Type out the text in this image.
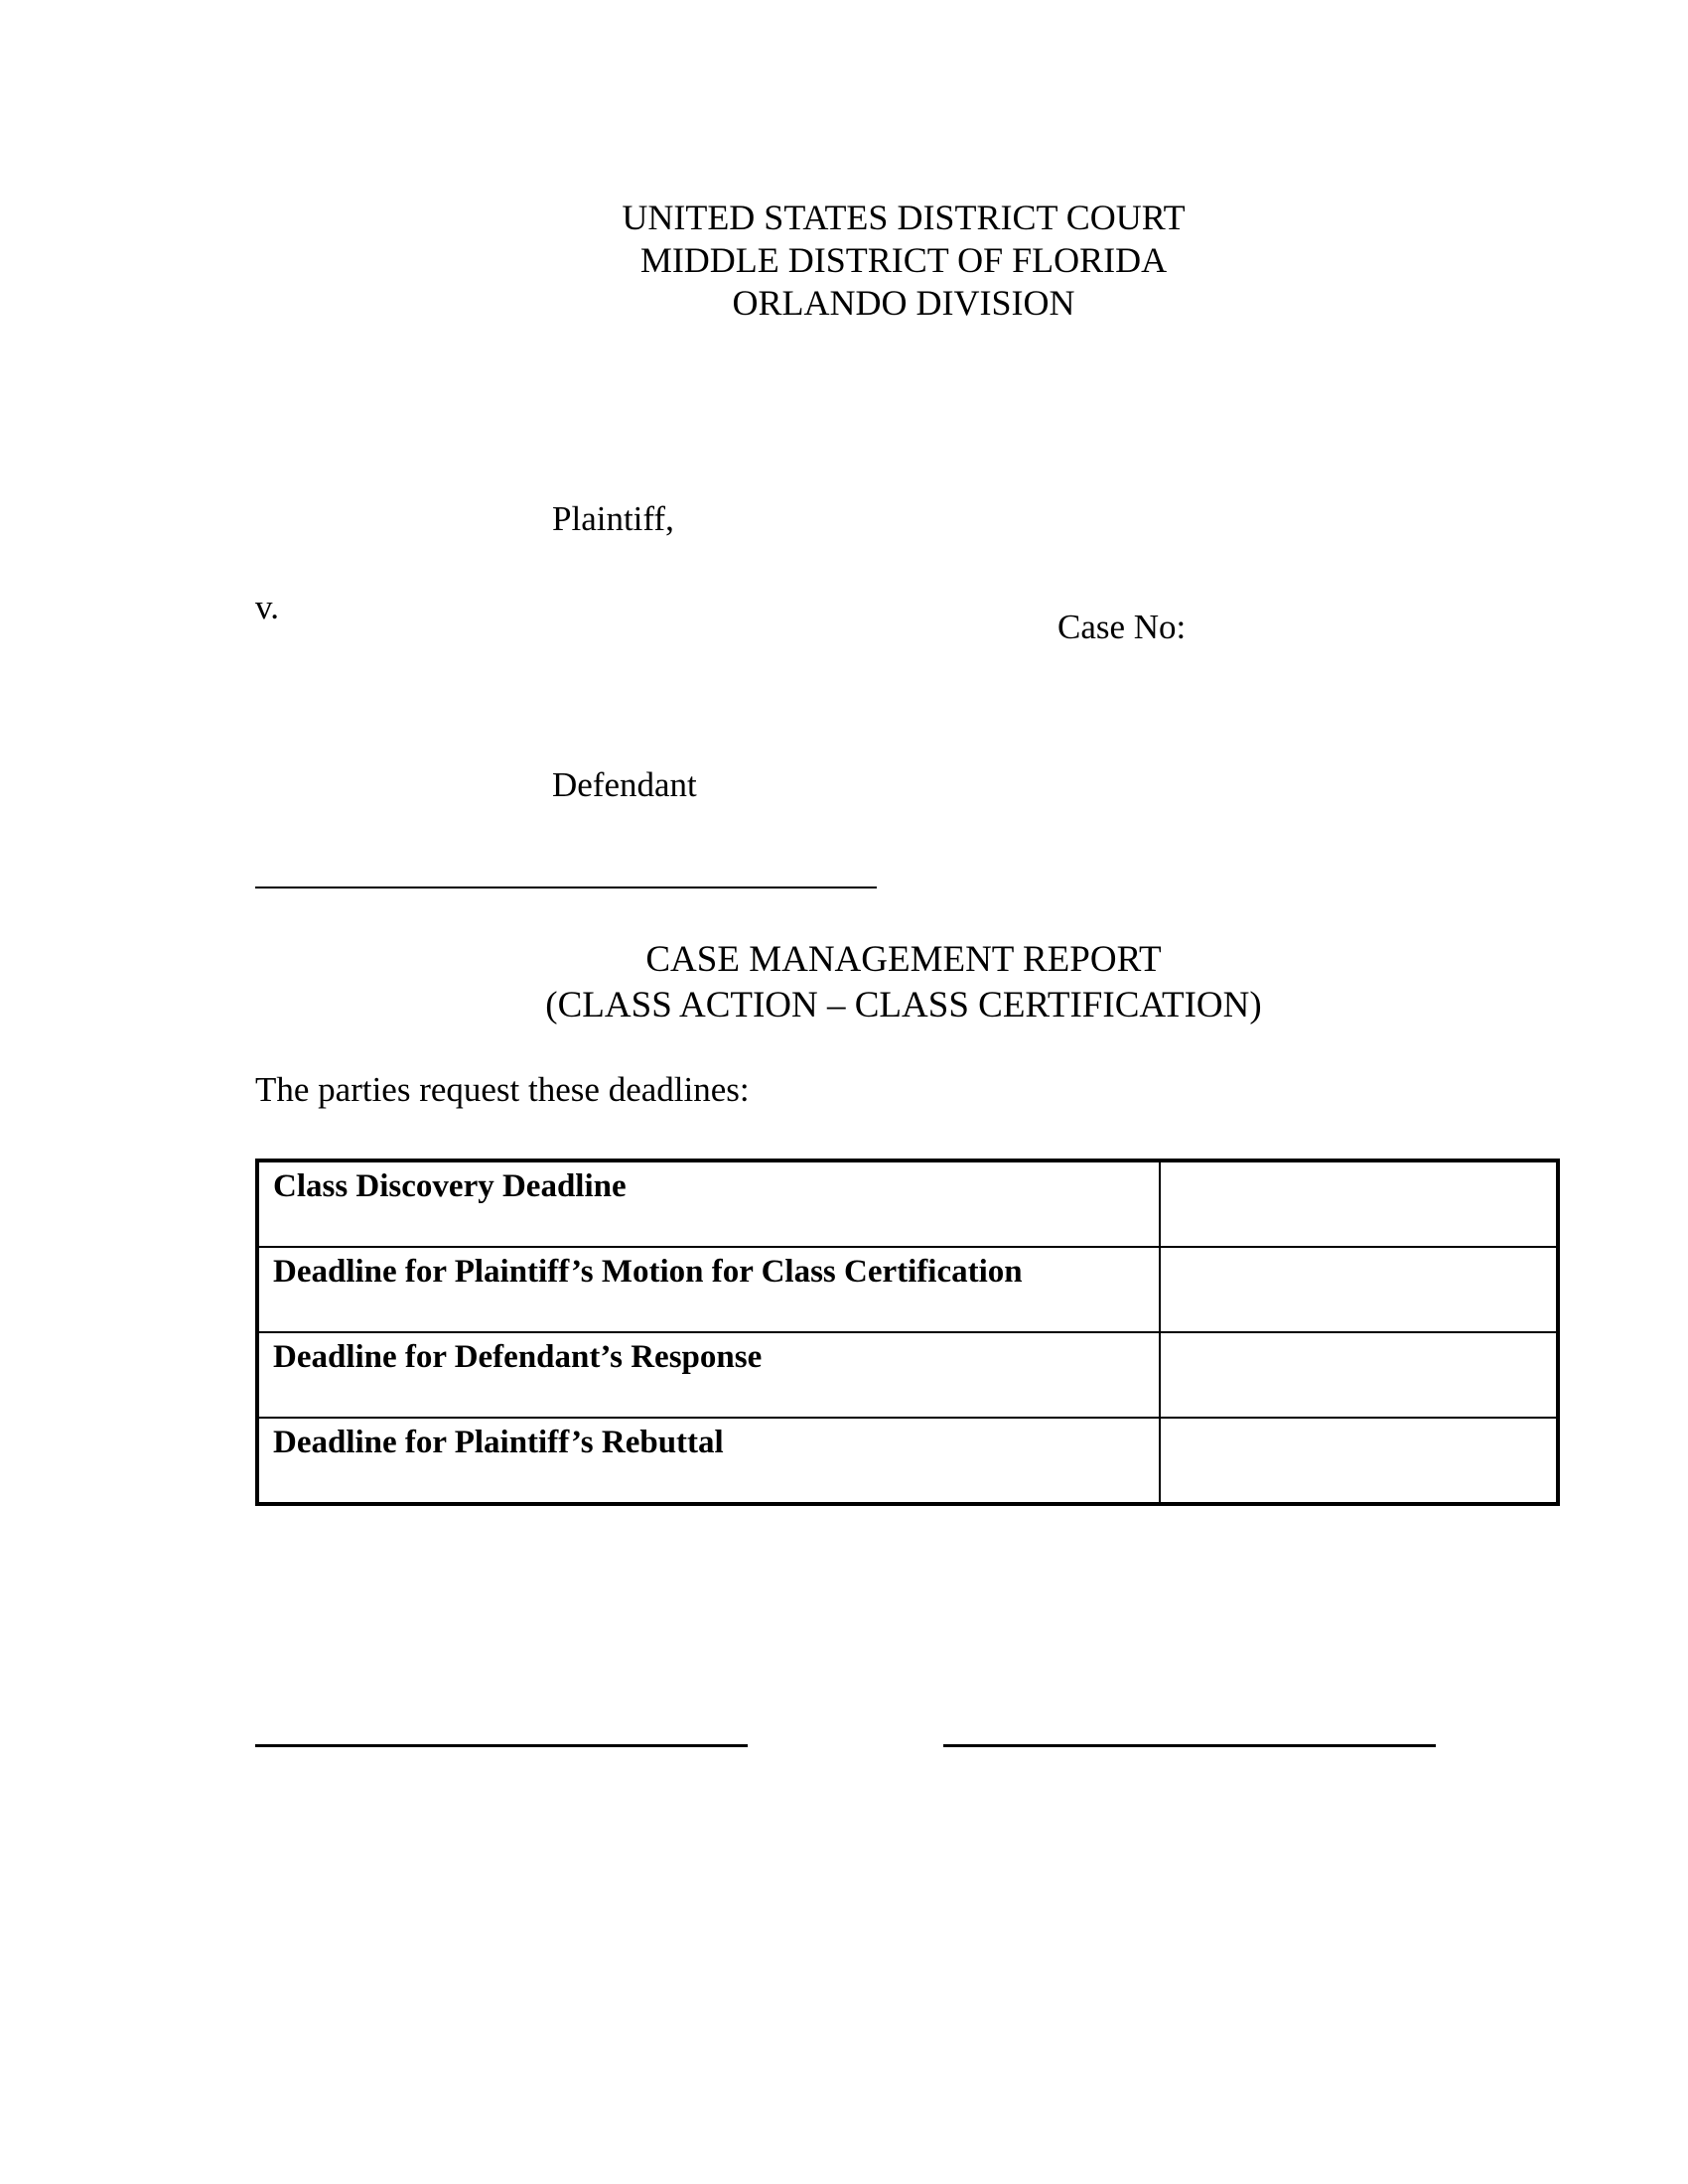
UNITED STATES DISTRICT COURT
MIDDLE DISTRICT OF FLORIDA
ORLANDO DIVISION
Plaintiff,
v.
Case No:
Defendant
CASE MANAGEMENT REPORT
(CLASS ACTION – CLASS CERTIFICATION)
The parties request these deadlines:
Class Discovery Deadline	
Deadline for Plaintiff’s Motion for Class Certification	
Deadline for Defendant’s Response	
Deadline for Plaintiff’s Rebuttal	
